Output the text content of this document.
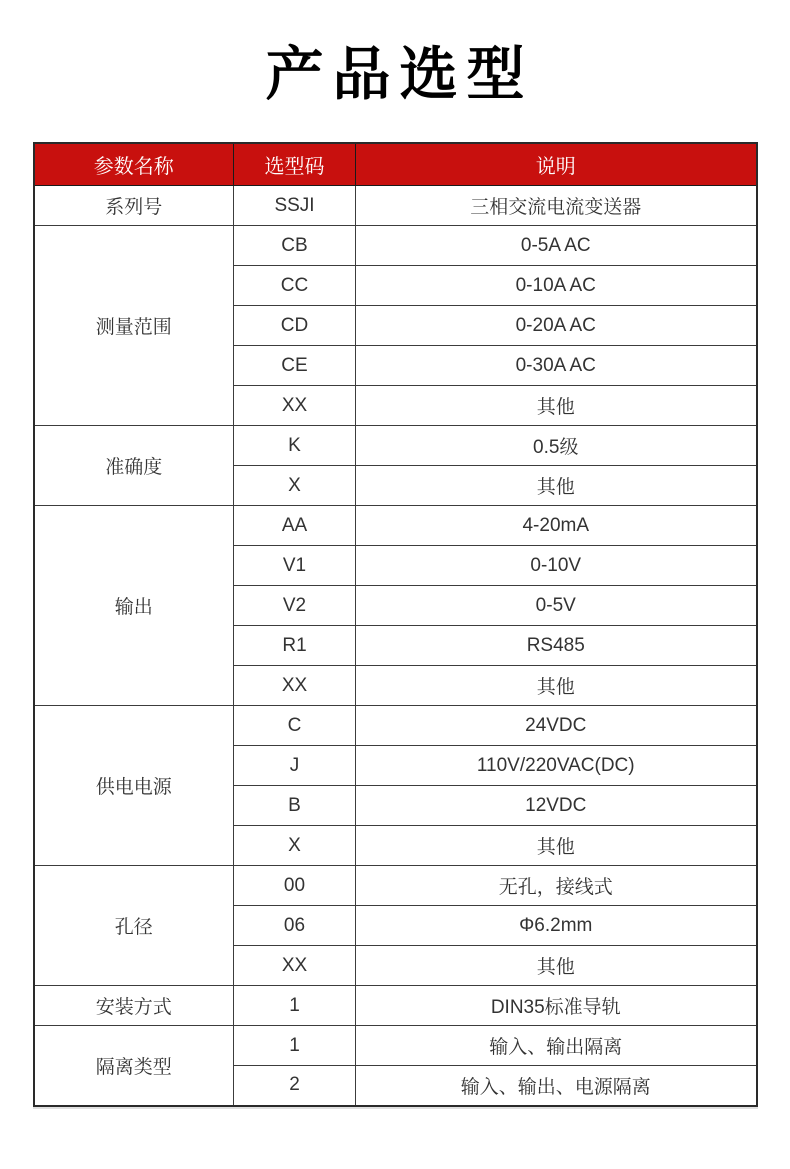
产品选型
参数名称	选型码	说明
系列号	SSJI	三相交流电流变送器
测量范围	CB	0-5A AC
	CC	0-10A AC
	CD	0-20A AC
	CE	0-30A AC
	XX	其他
准确度	K	0.5级
	X	其他
输出	AA	4-20mA
	V1	0-10V
	V2	0-5V
	R1	RS485
	XX	其他
供电电源	C	24VDC
	J	110V/220VAC(DC)
	B	12VDC
	X	其他
孔径	00	无孔，接线式
	06	Φ6.2mm
	XX	其他
安装方式	1	DIN35标准导轨
隔离类型	1	输入、输出隔离
	2	输入、输出、电源隔离
